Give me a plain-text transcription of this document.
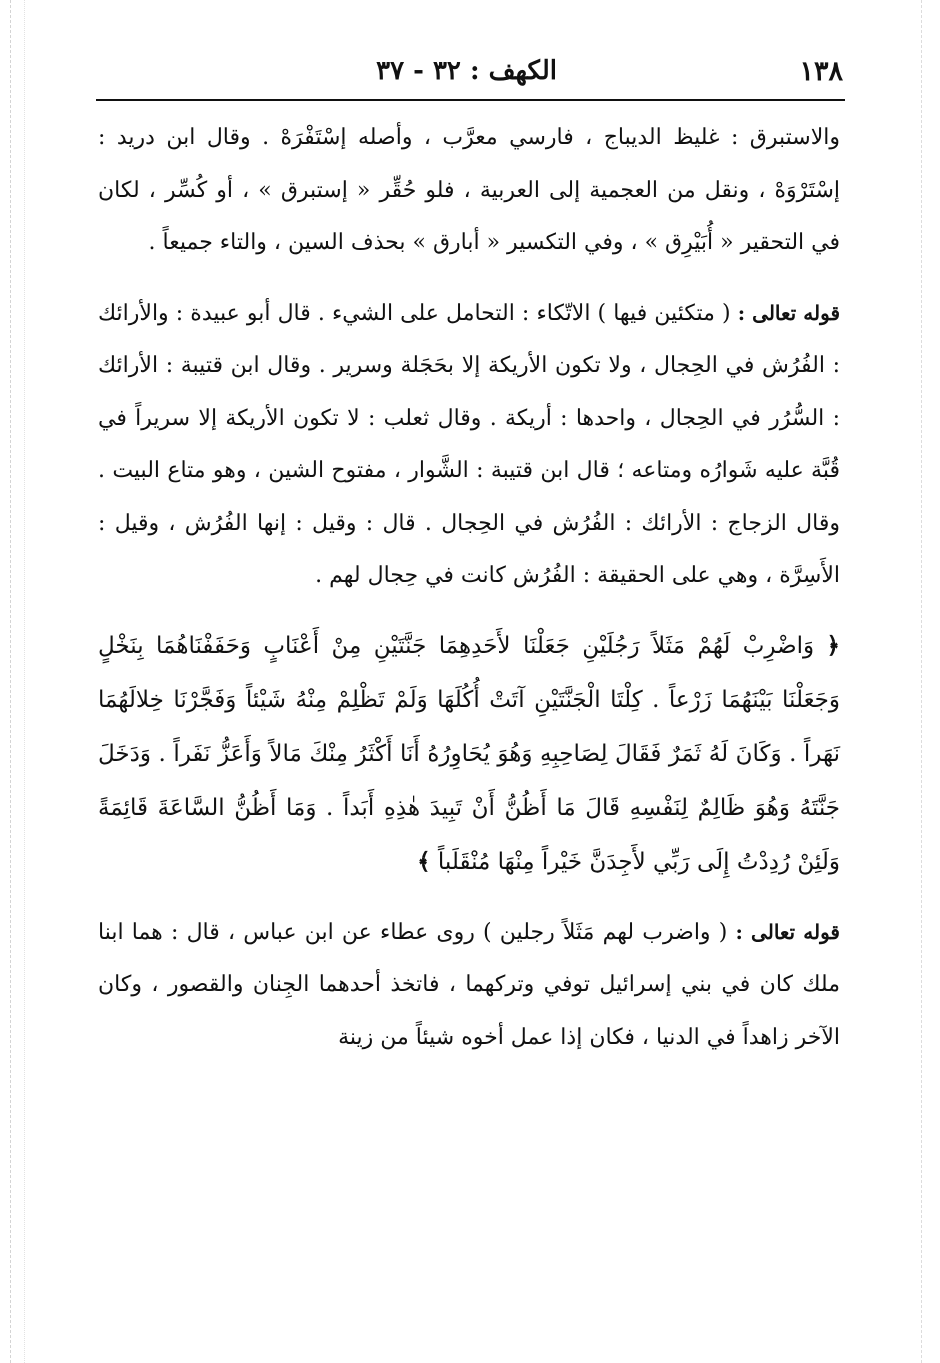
١٣٨
الكهف : ٣٢ - ٣٧

والاستبرق : غليظ الديباج ، فارسي معرَّب ، وأصله إسْتَفْرَهْ . وقال ابن دريد : إسْتَرْوَهْ ، ونقل من العجمية إلى العربية ، فلو حُقِّر « إستبرق » ، أو كُسِّر ، لكان في التحقير « أُبَيْرِق » ، وفي التكسير « أبارق » بحذف السين ، والتاء جميعاً .

قوله تعالى : ( متكئين فيها ) الاتّكاء : التحامل على الشيء . قال أبو عبيدة : والأرائك : الفُرُش في الحِجال ، ولا تكون الأريكة إلا بحَجَلة وسرير . وقال ابن قتيبة : الأرائك : السُّرُر في الحِجال ، واحدها : أريكة . وقال ثعلب : لا تكون الأريكة إلا سريراً في قُبَّة عليه شَوارُه ومتاعه ؛ قال ابن قتيبة : الشَّوار ، مفتوح الشين ، وهو متاع البيت . وقال الزجاج : الأرائك : الفُرُش في الحِجال . قال : وقيل : إنها الفُرُش ، وقيل : الأَسِرَّة ، وهي على الحقيقة : الفُرُش كانت في حِجال لهم .

﴿ وَاضْرِبْ لَهُمْ مَثَلاً رَجُلَيْنِ جَعَلْنَا لأَحَدِهِمَا جَنَّتَيْنِ مِنْ أَعْنَابٍ وَحَفَفْنَاهُمَا بِنَخْلٍ وَجَعَلْنَا بَيْنَهُمَا زَرْعاً . كِلْتَا الْجَنَّتَيْنِ آتَتْ أُكُلَهَا وَلَمْ تَظْلِمْ مِنْهُ شَيْئاً وَفَجَّرْنَا خِلالَهُمَا نَهَراً . وَكَانَ لَهُ ثَمَرٌ فَقَالَ لِصَاحِبِهِ وَهُوَ يُحَاوِرُهُ أَنَا أَكْثَرُ مِنْكَ مَالاً وَأَعَزُّ نَفَراً . وَدَخَلَ جَنَّتَهُ وَهُوَ ظَالِمٌ لِنَفْسِهِ قَالَ مَا أَظُنُّ أَنْ تَبِيدَ هٰذِهِ أَبَداً . وَمَا أَظُنُّ السَّاعَةَ قَائِمَةً وَلَئِنْ رُدِدْتُ إِلَى رَبِّي لأَجِدَنَّ خَيْراً مِنْهَا مُنْقَلَباً ﴾

قوله تعالى : ( واضرب لهم مَثَلاً رجلين ) روى عطاء عن ابن عباس ، قال : هما ابنا ملك كان في بني إسرائيل توفي وتركهما ، فاتخذ أحدهما الجِنان والقصور ، وكان الآخر زاهداً في الدنيا ، فكان إذا عمل أخوه شيئاً من زينة
